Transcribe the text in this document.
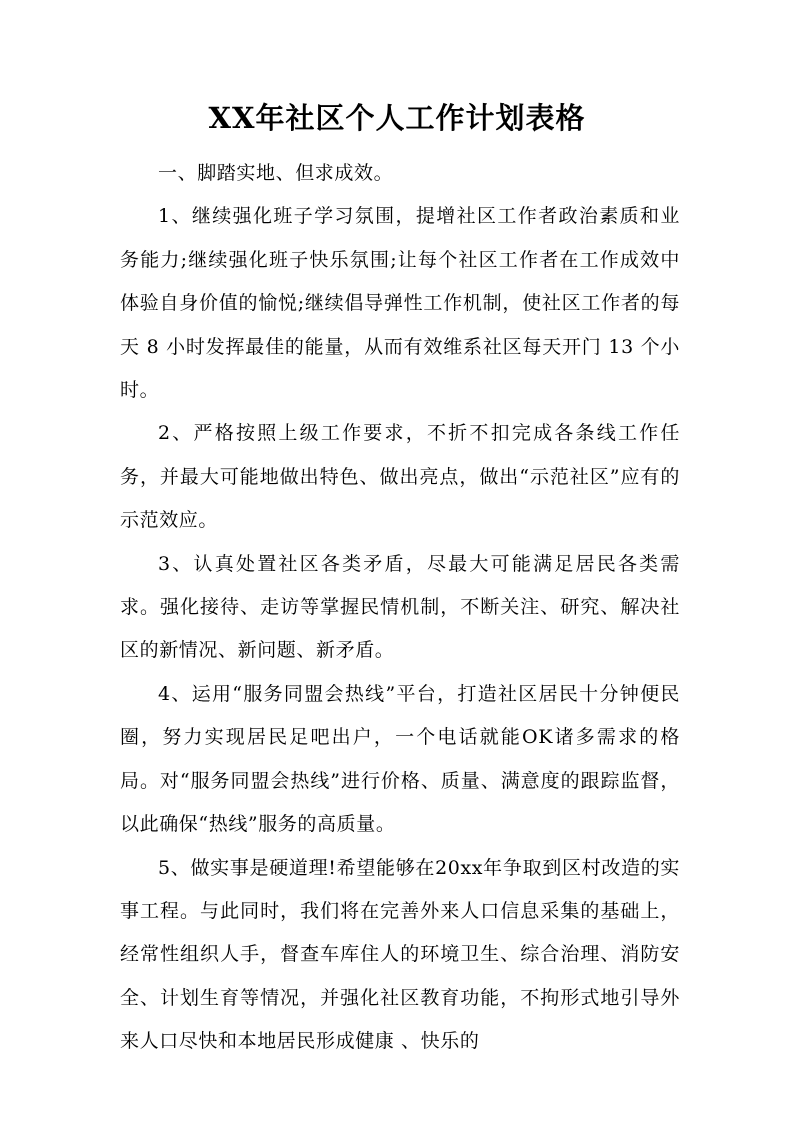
XX年社区个人工作计划表格

一、脚踏实地、但求成效。

1、继续强化班子学习氛围，提增社区工作者政治素质和业务能力;继续强化班子快乐氛围;让每个社区工作者在工作成效中体验自身价值的愉悦;继续倡导弹性工作机制，使社区工作者的每天 8 小时发挥最佳的能量，从而有效维系社区每天开门 13 个小时。

2、严格按照上级工作要求，不折不扣完成各条线工作任务，并最大可能地做出特色、做出亮点，做出“示范社区”应有的示范效应。

3、认真处置社区各类矛盾，尽最大可能满足居民各类需求。强化接待、走访等掌握民情机制，不断关注、研究、解决社区的新情况、新问题、新矛盾。

4、运用“服务同盟会热线”平台，打造社区居民十分钟便民圈，努力实现居民足吧出户，一个电话就能OK诸多需求的格局。对“服务同盟会热线”进行价格、质量、满意度的跟踪监督，以此确保“热线”服务的高质量。

5、做实事是硬道理!希望能够在20xx年争取到区村改造的实事工程。与此同时，我们将在完善外来人口信息采集的基础上，经常性组织人手，督查车库住人的环境卫生、综合治理、消防安全、计划生育等情况，并强化社区教育功能，不拘形式地引导外来人口尽快和本地居民形成健康 、快乐的
